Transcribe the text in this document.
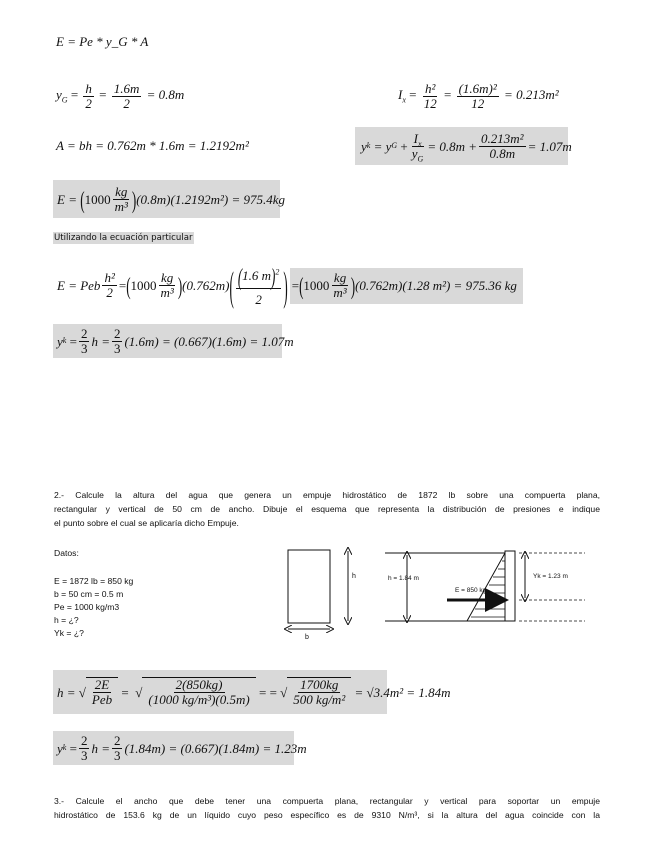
E = Pe * y_G * A
$y_G = \frac{h}{2} = \frac{1.6m}{2} = 0.8m$	$I_x = \frac{\text{h²}}{12} = \frac{\text{(1.6m)²}}{12} = 0.213m^2$
A = bh = 0.762m * 1.6m = 1.2192m²	y k
= y $G + \frac{I_x}{y_G} = 0.8m + \frac{\text{0.213m²}}{0.8m} = 1.07m$
E =
( $1000 \frac{kg}{\text{m³}}$ ) (0.8m)(1.2192m²) =
975.4kg
Utilizando la ecuación particular
E = Peb $\frac{\text{h²}}{2}$ = ( $1000 \frac{kg}{\text{m³}}$ ) (0.762m) ( $\frac{(1.6 m)^2}{2}$ ) = ( $1000 \frac{kg}{\text{m³}}$ ) (0.762m)(1.28 m²) = 975.36 kg
y $k = \frac{2}{3}$ $h = \frac{2}{3} (1.6m) = (0.667)(1.6m) = 1.07m$
2.- Calcule la altura del agua que genera un empuje hidrostático de 1872 lb sobre una compuerta plana,
rectangular y vertical de 50 cm de ancho. Dibuje el esquema que representa la distribución de presiones e indique
el punto sobre el cual se aplicaría dicho Empuje.
Datos:
E = 1872 lb = 850 kg
b = 50 cm = 0.5 m
Pe = 1000 kg/m3
h = ¿?
Yk = ¿?
h
b
h = 1.84 m
E = 850 kg
Yk = 1.23 m
h = √ $\frac{2E}{\text{Peb}}$ =  √ $\frac{2(850kg)}{\text{(1000 kg/m³)(0.5m)}}$
= = √ $\frac{1700kg}{\text{500 kg/m²}}$
= √3.4m² = 1.84m
y $k = \frac{2}{3}$ $h = \frac{2}{3} (1.84m) = (0.667)(1.84m) = 1.23m$
3.- Calcule el ancho que debe tener una compuerta plana, rectangular y vertical para soportar un empuje
hidrostático de 153.6 kg de un líquido cuyo peso específico es de 9310 N/m³, si la altura del agua coincide con la
